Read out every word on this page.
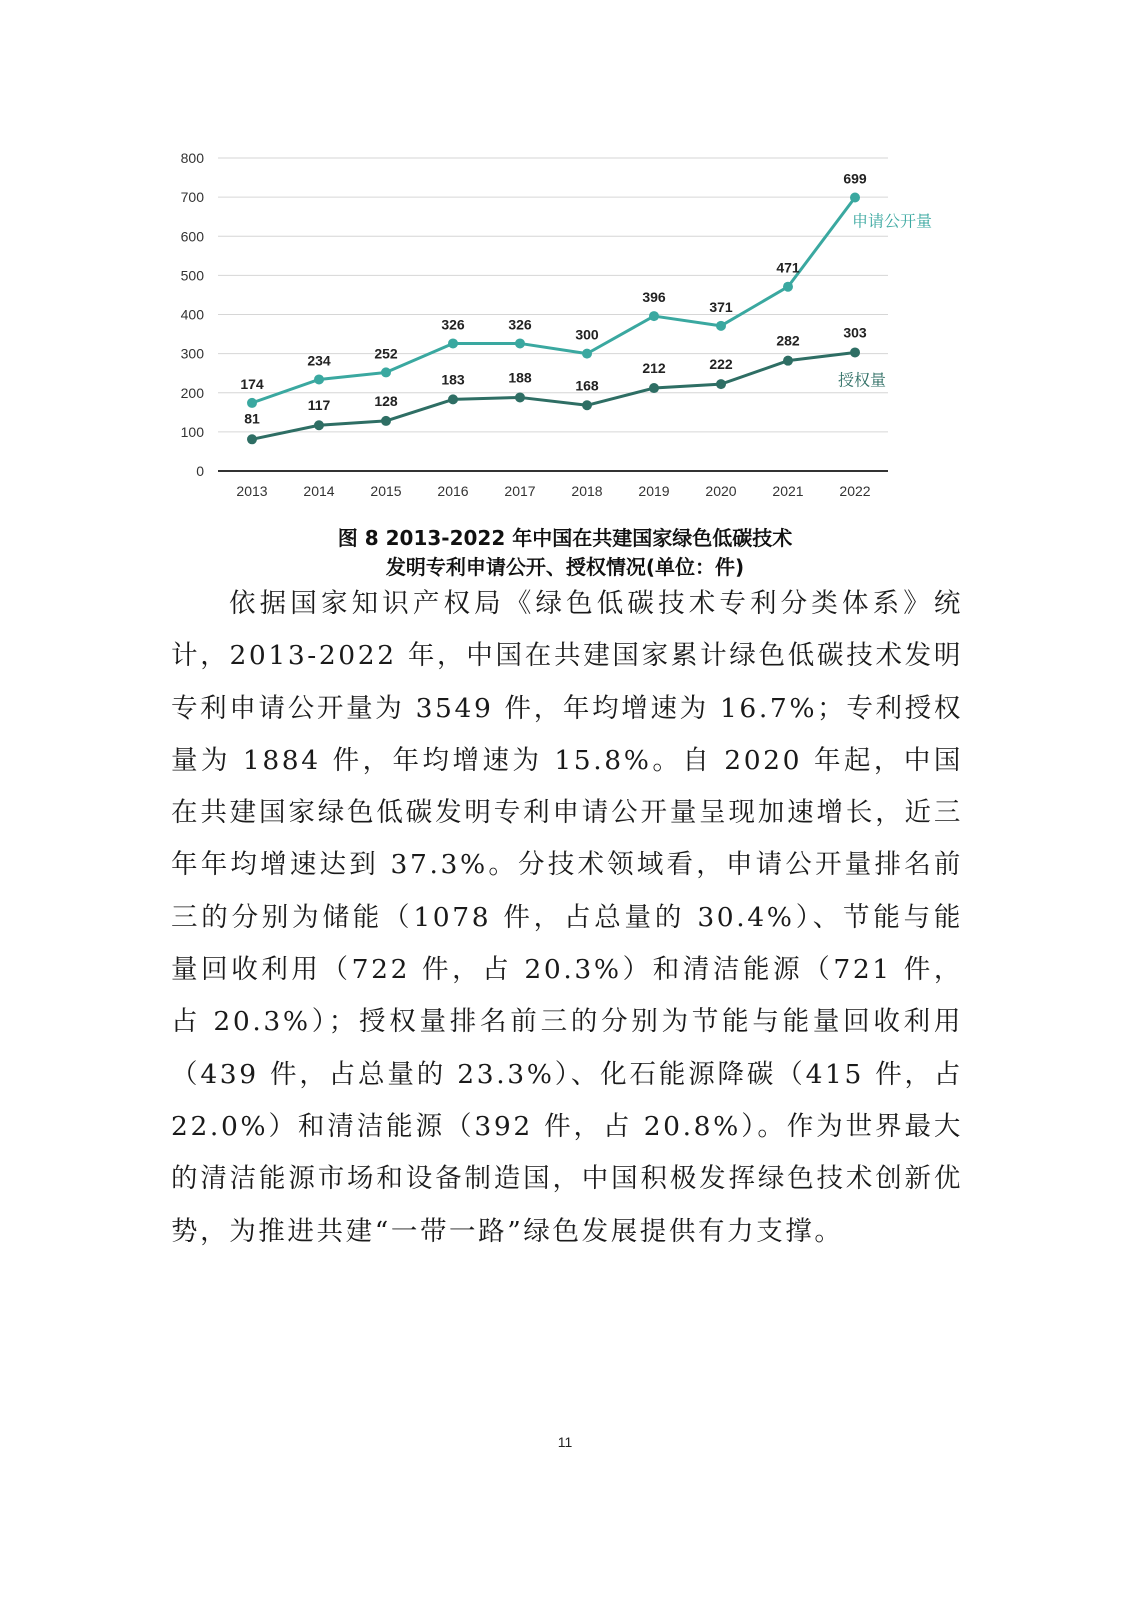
0
100
200
300
400
500
600
700
800
2013	2014	2015	2016	2017	2018	2019	2020	2021	2022
174
234	252
326	326
300
396
371
471
699
申请公开量
81
117	128
183	188	168
212	222
282
303
授权量
图 8 2013-2022 年中国在共建国家绿色低碳技术
发明专利申请公开、授权情况(单位：件)

依据国家知识产权局《绿色低碳技术专利分类体系》统计，2013-2022 年，中国在共建国家累计绿色低碳技术发明专利申请公开量为 3549 件，年均增速为 16.7%；专利授权量为 1884 件，年均增速为 15.8%。自 2020 年起，中国在共建国家绿色低碳发明专利申请公开量呈现加速增长，近三年年均增速达到 37.3%。分技术领域看，申请公开量排名前三的分别为储能（1078 件，占总量的 30.4%）、节能与能量回收利用（722 件，占 20.3%）和清洁能源（721 件，占 20.3%）；授权量排名前三的分别为节能与能量回收利用（439 件，占总量的 23.3%）、化石能源降碳（415 件，占 22.0%）和清洁能源（392 件，占 20.8%）。作为世界最大的清洁能源市场和设备制造国，中国积极发挥绿色技术创新优势，为推进共建“一带一路”绿色发展提供有力支撑。

11
